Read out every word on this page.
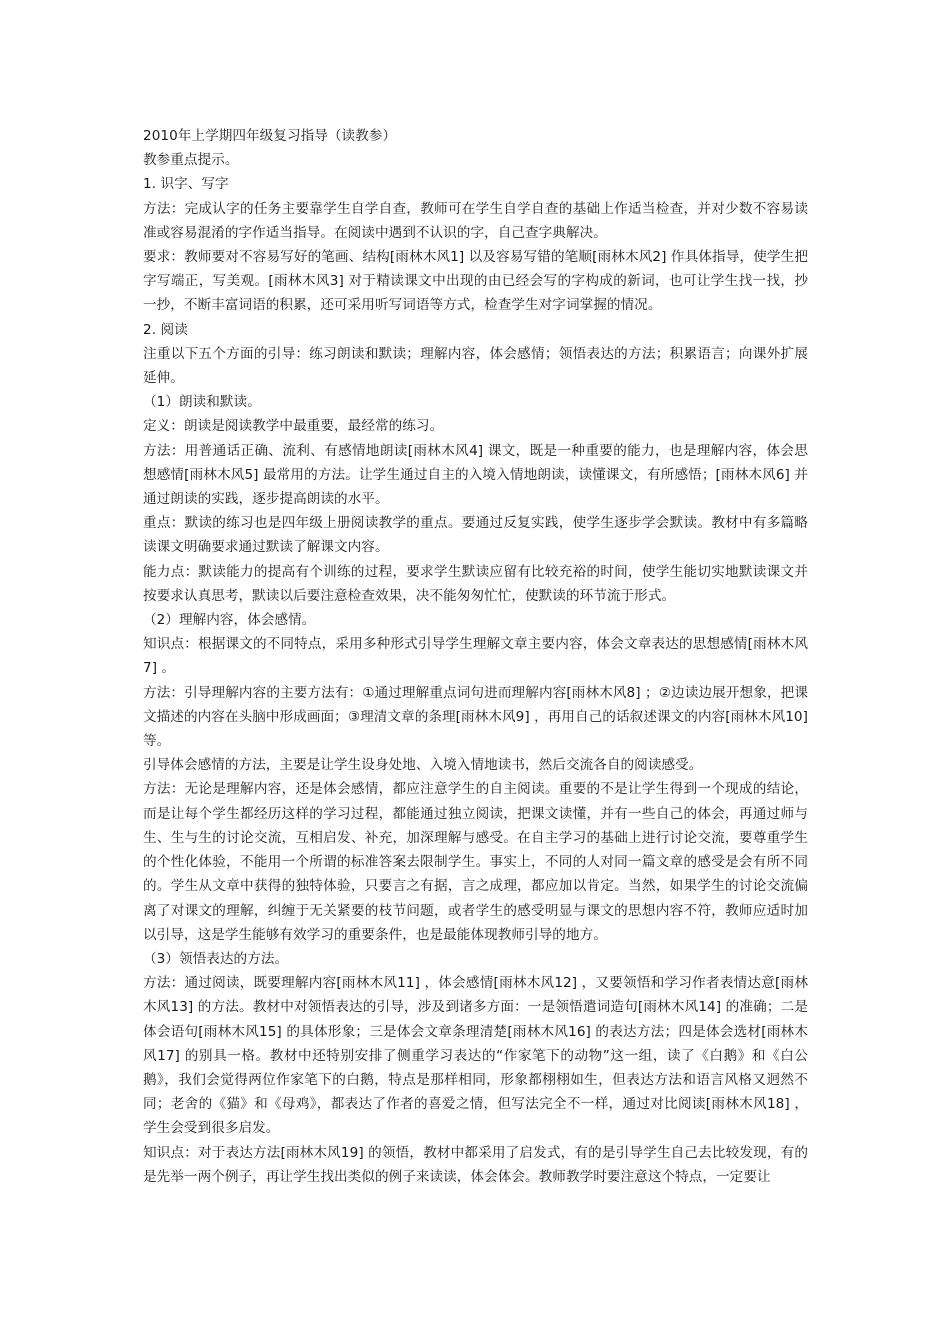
2010年上学期四年级复习指导（读教参）

教参重点提示。

1. 识字、写字

方法：完成认字的任务主要靠学生自学自查，教师可在学生自学自查的基础上作适当检查，并对少数不容易读准或容易混淆的字作适当指导。在阅读中遇到不认识的字，自己查字典解决。

要求：教师要对不容易写好的笔画、结构[雨林木风1] 以及容易写错的笔顺[雨林木风2] 作具体指导，使学生把字写端正，写美观。[雨林木风3] 对于精读课文中出现的由已经会写的字构成的新词，也可让学生找一找，抄一抄，不断丰富词语的积累，还可采用听写词语等方式，检查学生对字词掌握的情况。

2. 阅读

注重以下五个方面的引导：练习朗读和默读；理解内容，体会感情；领悟表达的方法；积累语言；向课外扩展延伸。

（1）朗读和默读。

定义：朗读是阅读教学中最重要，最经常的练习。

方法：用普通话正确、流利、有感情地朗读[雨林木风4] 课文，既是一种重要的能力，也是理解内容，体会思想感情[雨林木风5] 最常用的方法。让学生通过自主的入境入情地朗读，读懂课文，有所感悟；[雨林木风6] 并通过朗读的实践，逐步提高朗读的水平。

重点：默读的练习也是四年级上册阅读教学的重点。要通过反复实践，使学生逐步学会默读。教材中有多篇略读课文明确要求通过默读了解课文内容。

能力点：默读能力的提高有个训练的过程，要求学生默读应留有比较充裕的时间，使学生能切实地默读课文并按要求认真思考，默读以后要注意检查效果，决不能匆匆忙忙，使默读的环节流于形式。

（2）理解内容，体会感情。

知识点：根据课文的不同特点，采用多种形式引导学生理解文章主要内容，体会文章表达的思想感情[雨林木风7] 。

方法：引导理解内容的主要方法有：①通过理解重点词句进而理解内容[雨林木风8] ；②边读边展开想象，把课文描述的内容在头脑中形成画面；③理清文章的条理[雨林木风9] ，再用自己的话叙述课文的内容[雨林木风10] 等。

引导体会感情的方法，主要是让学生设身处地、入境入情地读书，然后交流各自的阅读感受。

方法：无论是理解内容，还是体会感情，都应注意学生的自主阅读。重要的不是让学生得到一个现成的结论，而是让每个学生都经历这样的学习过程，都能通过独立阅读，把课文读懂，并有一些自己的体会，再通过师与生、生与生的讨论交流，互相启发、补充，加深理解与感受。在自主学习的基础上进行讨论交流，要尊重学生的个性化体验，不能用一个所谓的标准答案去限制学生。事实上，不同的人对同一篇文章的感受是会有所不同的。学生从文章中获得的独特体验，只要言之有据，言之成理，都应加以肯定。当然，如果学生的讨论交流偏离了对课文的理解，纠缠于无关紧要的枝节问题，或者学生的感受明显与课文的思想内容不符，教师应适时加以引导，这是学生能够有效学习的重要条件，也是最能体现教师引导的地方。

（3）领悟表达的方法。

方法：通过阅读，既要理解内容[雨林木风11] ，体会感情[雨林木风12] ，又要领悟和学习作者表情达意[雨林木风13] 的方法。教材中对领悟表达的引导，涉及到诸多方面：一是领悟遣词造句[雨林木风14] 的准确；二是体会语句[雨林木风15] 的具体形象；三是体会文章条理清楚[雨林木风16] 的表达方法；四是体会选材[雨林木风17] 的别具一格。教材中还特别安排了侧重学习表达的“作家笔下的动物”这一组，读了《白鹅》和《白公鹅》，我们会觉得两位作家笔下的白鹅，特点是那样相同，形象都栩栩如生，但表达方法和语言风格又迥然不同；老舍的《猫》和《母鸡》，都表达了作者的喜爱之情，但写法完全不一样，通过对比阅读[雨林木风18] ，学生会受到很多启发。

知识点：对于表达方法[雨林木风19] 的领悟，教材中都采用了启发式，有的是引导学生自己去比较发现，有的是先举一两个例子，再让学生找出类似的例子来读读，体会体会。教师教学时要注意这个特点，一定要让
